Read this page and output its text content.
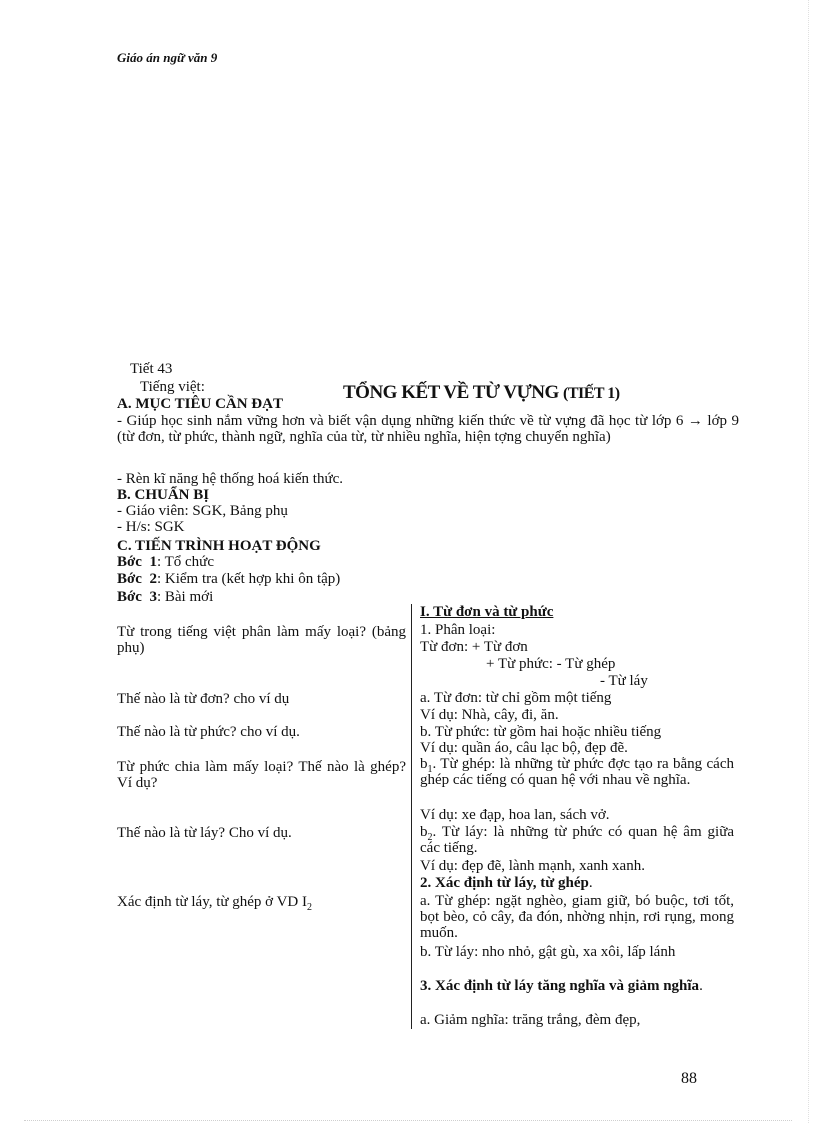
Giáo án ngữ văn 9
Tiết 43
Tiếng việt:	TỔNG KẾT VỀ TỪ VỰNG (TIẾT 1)
A. MỤC TIÊU CẦN ĐẠT
- Giúp học sinh nắm vững hơn và biết vận dụng những kiến thức về từ vựng đã học từ lớp 6 → lớp 9 (từ đơn, từ phức, thành ngữ, nghĩa của từ, từ nhiều nghĩa, hiện tợng chuyển nghĩa)
- Rèn kĩ năng hệ thống hoá kiến thức.
B. CHUẨN BỊ
- Giáo viên: SGK, Bảng phụ
- H/s: SGK
C. TIẾN TRÌNH HOẠT ĐỘNG
Bớc 1: Tổ chức
Bớc 2: Kiểm tra (kết hợp khi ôn tập)
Bớc 3: Bài mới
Từ trong tiếng việt phân làm mấy loại? (bảng phụ)
Thế nào là từ đơn? cho ví dụ
Thế nào là từ phức? cho ví dụ.
Từ phức chia làm mấy loại? Thế nào là ghép? Ví dụ?
Thế nào là từ láy? Cho ví dụ.
Xác định từ láy, từ ghép ở VD $I_2$
I. Từ đơn và từ phức
1. Phân loại:
Từ đơn: + Từ đơn
+ Từ phức: - Từ ghép
- Từ láy
a. Từ đơn: từ chỉ gồm một tiếng
Ví dụ: Nhà, cây, đi, ăn.
b. Từ phức: từ gồm hai hoặc nhiều tiếng
Ví dụ: quần áo, câu lạc bộ, đẹp đẽ.
$b_1$. Từ ghép: là những từ phức đợc tạo ra bằng cách ghép các tiếng có quan hệ với nhau về nghĩa.
Ví dụ: xe đạp, hoa lan, sách vở.
$b_2$. Từ láy: là những từ phức có quan hệ âm giữa các tiếng.
Ví dụ: đẹp đẽ, lành mạnh, xanh xanh.
2. Xác định từ láy, từ ghép.
a. Từ ghép: ngặt nghèo, giam giữ, bó buộc, tơi tốt, bọt bèo, cỏ cây, đa đón, nhờng nhịn, rơi rụng, mong muốn.
b. Từ láy: nho nhỏ, gật gù, xa xôi, lấp lánh
3. Xác định từ láy tăng nghĩa và giảm nghĩa.
a. Giảm nghĩa: trăng trắng, đèm đẹp,
88
